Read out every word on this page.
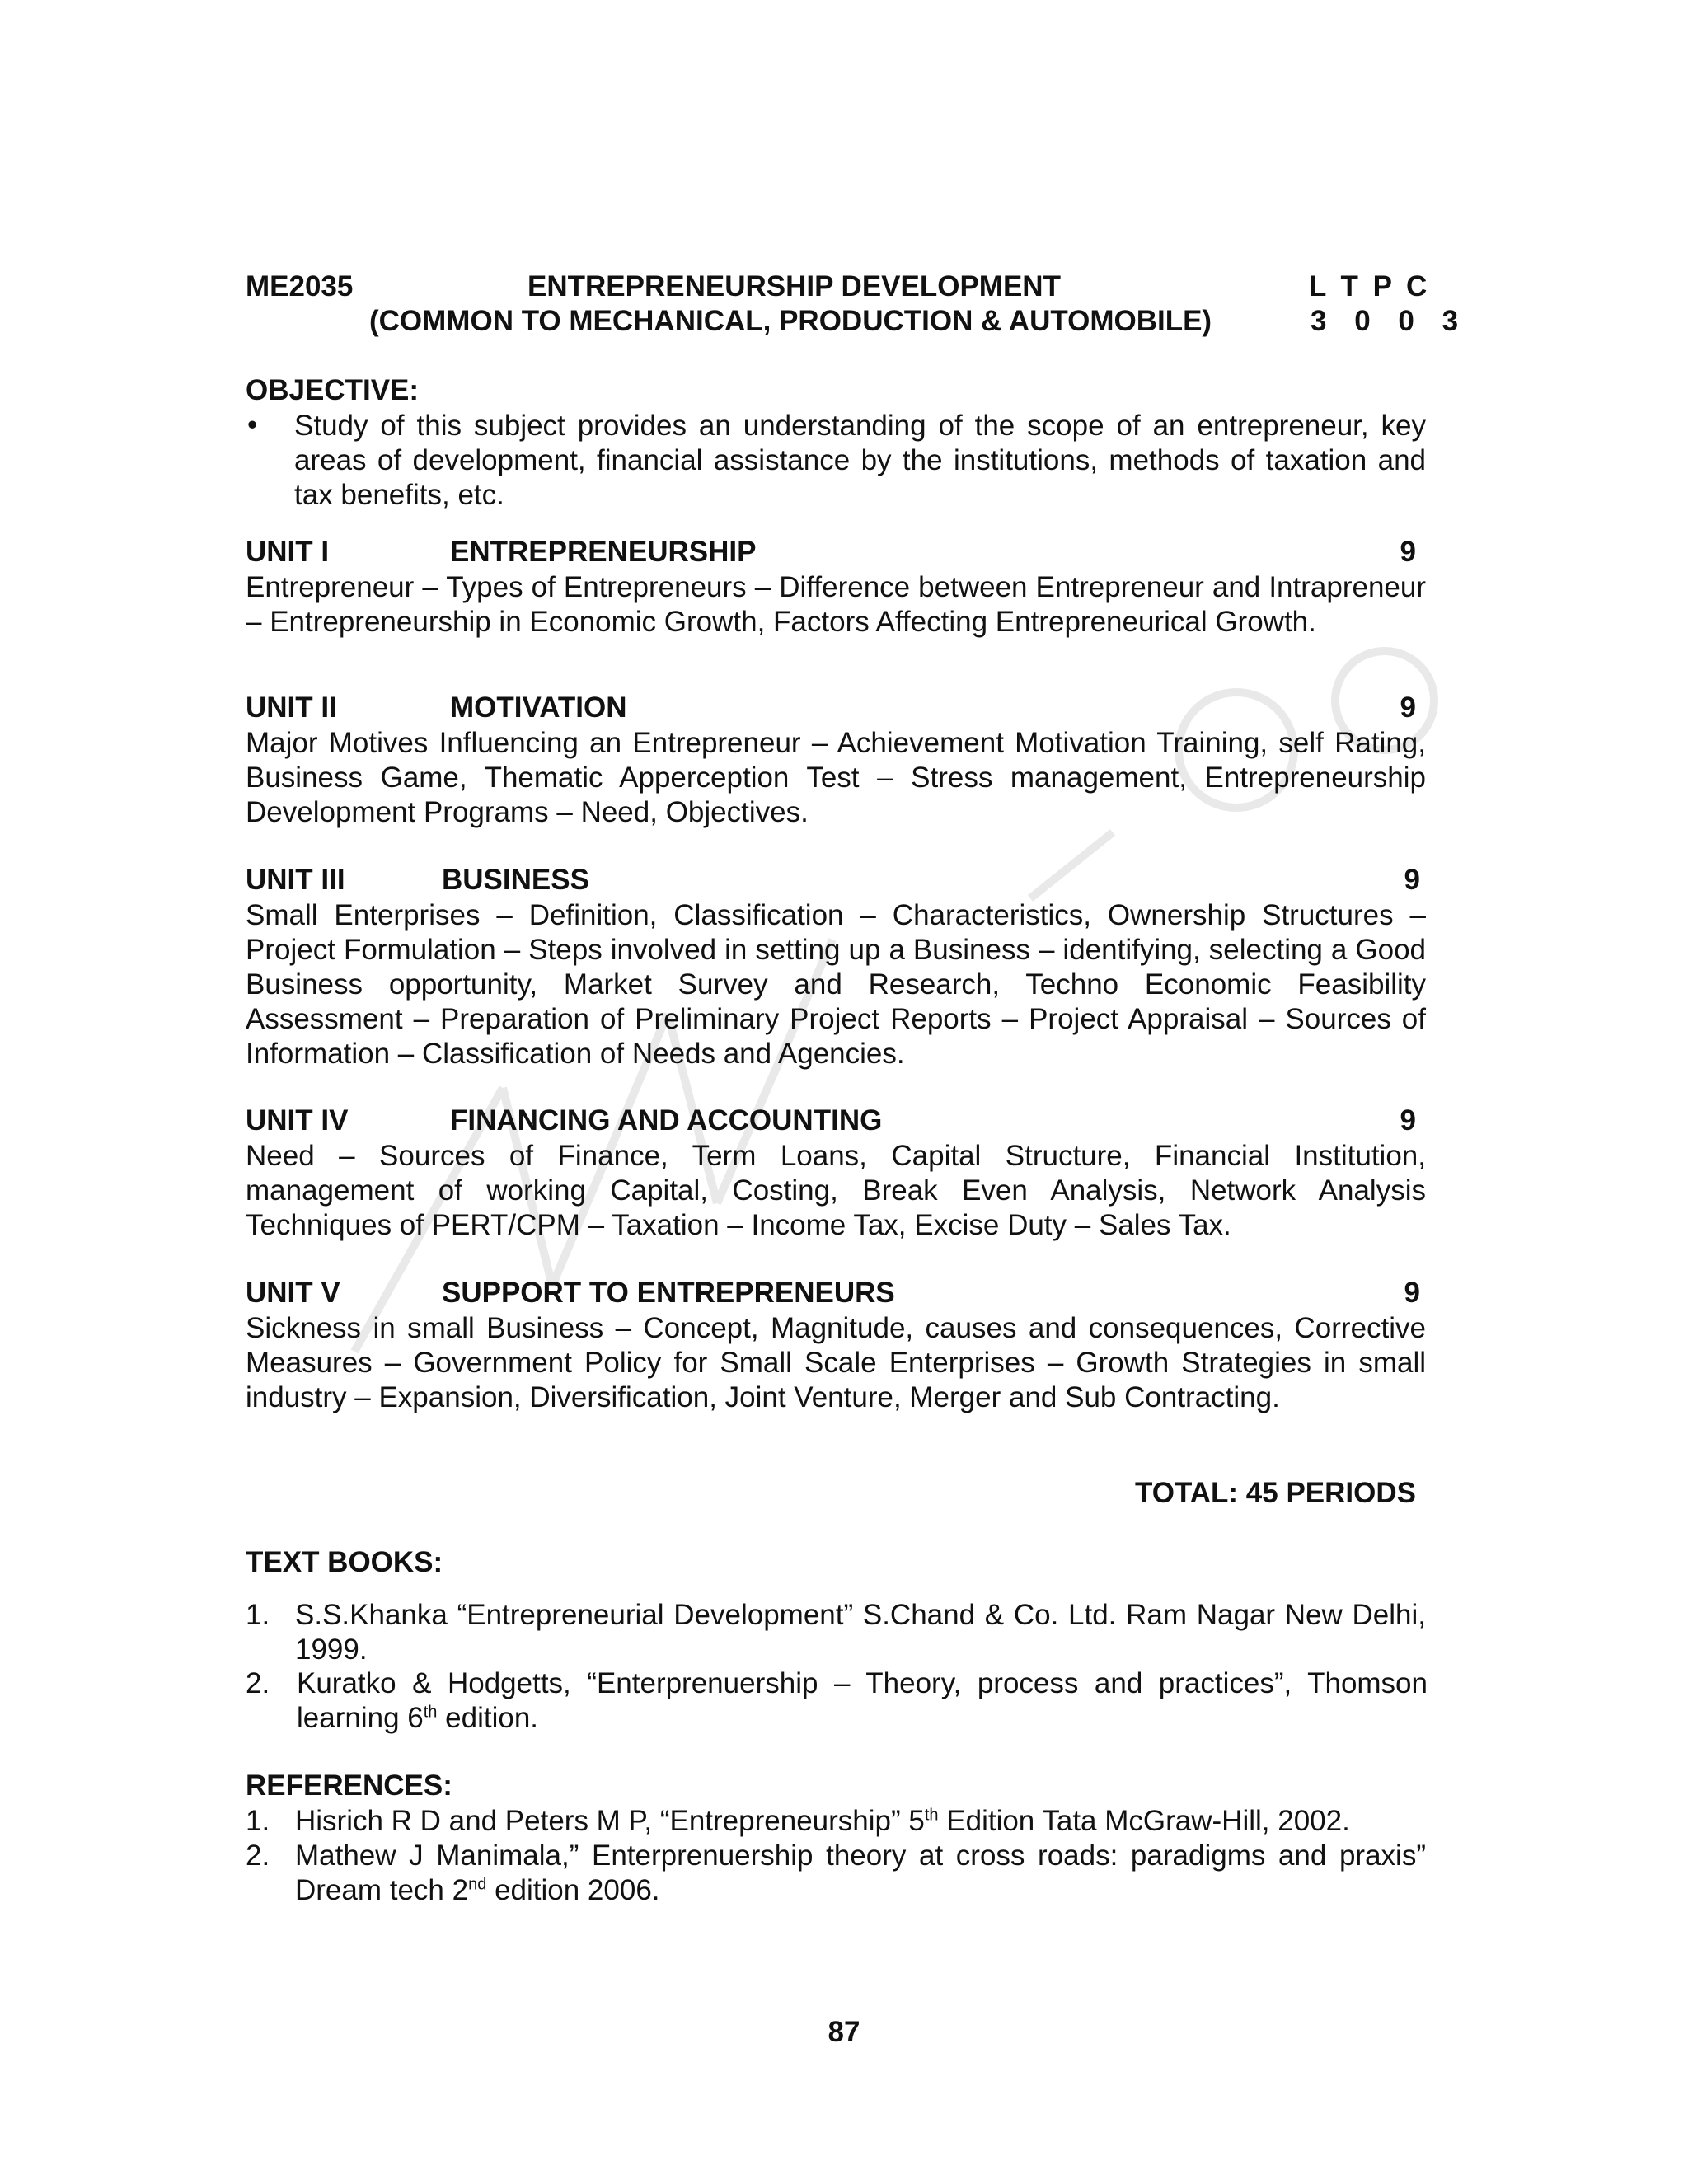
ME2035	ENTREPRENEURSHIP DEVELOPMENT	L T P C
(COMMON TO MECHANICAL, PRODUCTION & AUTOMOBILE)	3 0 0 3
OBJECTIVE:
• Study of this subject provides an understanding of the scope of an entrepreneur, key areas of development, financial assistance by the institutions, methods of taxation and tax benefits, etc.
UNIT I	ENTREPRENEURSHIP	9
Entrepreneur – Types of Entrepreneurs – Difference between Entrepreneur and Intrapreneur – Entrepreneurship in Economic Growth, Factors Affecting Entrepreneurical Growth.
UNIT II	MOTIVATION	9
Major Motives Influencing an Entrepreneur – Achievement Motivation Training, self Rating, Business Game, Thematic Apperception Test – Stress management, Entrepreneurship Development Programs – Need, Objectives.
UNIT III	BUSINESS	9
Small Enterprises – Definition, Classification – Characteristics, Ownership Structures – Project Formulation – Steps involved in setting up a Business – identifying, selecting a Good Business opportunity, Market Survey and Research, Techno Economic Feasibility Assessment – Preparation of Preliminary Project Reports – Project Appraisal – Sources of Information – Classification of Needs and Agencies.
UNIT IV	FINANCING AND ACCOUNTING	9
Need – Sources of Finance, Term Loans, Capital Structure, Financial Institution, management of working Capital, Costing, Break Even Analysis, Network Analysis Techniques of PERT/CPM – Taxation – Income Tax, Excise Duty – Sales Tax.
UNIT V	SUPPORT TO ENTREPRENEURS	9
Sickness in small Business – Concept, Magnitude, causes and consequences, Corrective Measures – Government Policy for Small Scale Enterprises – Growth Strategies in small industry – Expansion, Diversification, Joint Venture, Merger and Sub Contracting.
TOTAL: 45 PERIODS
TEXT BOOKS:
1. S.S.Khanka “Entrepreneurial Development” S.Chand & Co. Ltd. Ram Nagar New Delhi, 1999.
2. Kuratko & Hodgetts, “Enterprenuership – Theory, process and practices”, Thomson learning 6th edition.
REFERENCES:
1. Hisrich R D and Peters M P, “Entrepreneurship” 5th Edition Tata McGraw-Hill, 2002.
2. Mathew J Manimala,” Enterprenuership theory at cross roads: paradigms and praxis” Dream tech 2nd edition 2006.
87
